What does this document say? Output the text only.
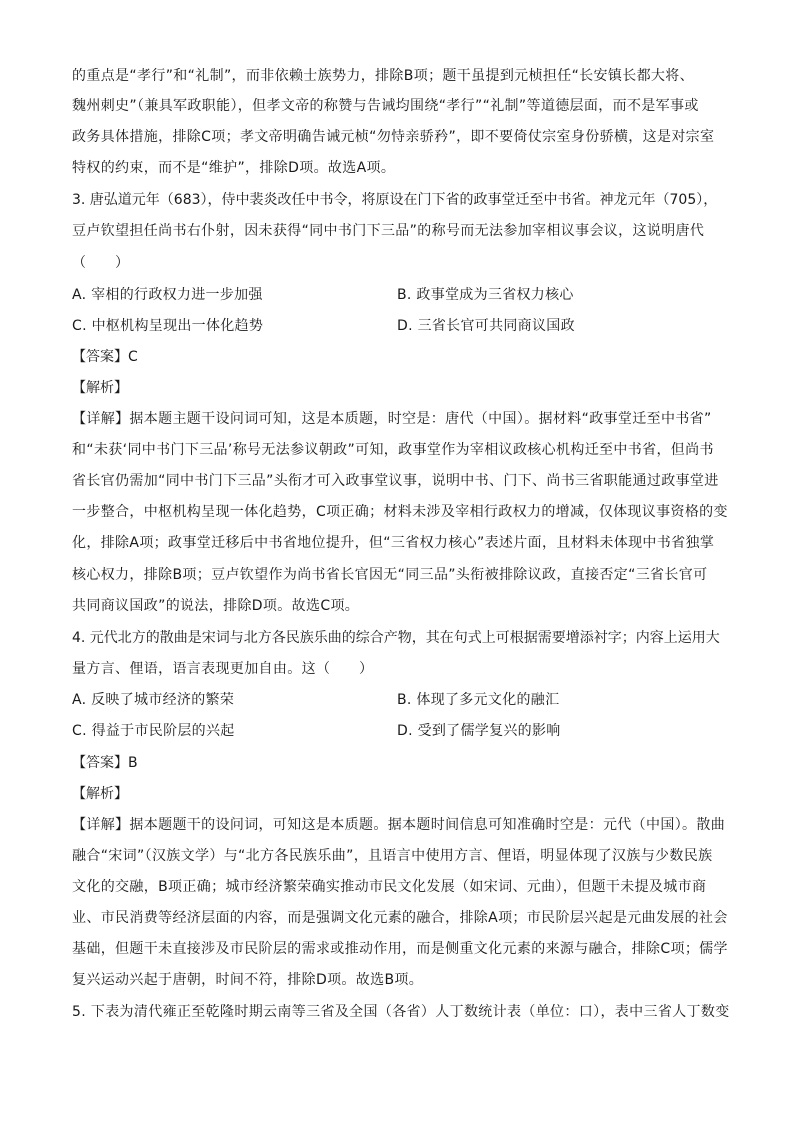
的重点是“孝行”和“礼制”，而非依赖士族势力，排除B项；题干虽提到元桢担任“长安镇长都大将、
魏州刺史”（兼具军政职能），但孝文帝的称赞与告诫均围绕“孝行”“礼制”等道德层面，而不是军事或
政务具体措施，排除C项；孝文帝明确告诫元桢“勿恃亲骄矜”，即不要倚仗宗室身份骄横，这是对宗室
特权的约束，而不是“维护”，排除D项。故选A项。
3. 唐弘道元年（683），侍中裴炎改任中书令，将原设在门下省的政事堂迁至中书省。神龙元年（705），
豆卢钦望担任尚书右仆射，因未获得“同中书门下三品”的称号而无法参加宰相议事会议，这说明唐代
（　　）
A. 宰相的行政权力进一步加强	B. 政事堂成为三省权力核心
C. 中枢机构呈现出一体化趋势	D. 三省长官可共同商议国政
【答案】C
【解析】
【详解】据本题主题干设问词可知，这是本质题，时空是：唐代（中国）。据材料“政事堂迁至中书省”
和“未获‘同中书门下三品’称号无法参议朝政”可知，政事堂作为宰相议政核心机构迁至中书省，但尚书
省长官仍需加“同中书门下三品”头衔才可入政事堂议事，说明中书、门下、尚书三省职能通过政事堂进
一步整合，中枢机构呈现一体化趋势，C项正确；材料未涉及宰相行政权力的增减，仅体现议事资格的变
化，排除A项；政事堂迁移后中书省地位提升，但“三省权力核心”表述片面，且材料未体现中书省独掌
核心权力，排除B项；豆卢钦望作为尚书省长官因无“同三品”头衔被排除议政，直接否定“三省长官可
共同商议国政”的说法，排除D项。故选C项。
4. 元代北方的散曲是宋词与北方各民族乐曲的综合产物，其在句式上可根据需要增添衬字；内容上运用大
量方言、俚语，语言表现更加自由。这（　　）
A. 反映了城市经济的繁荣	B. 体现了多元文化的融汇
C. 得益于市民阶层的兴起	D. 受到了儒学复兴的影响
【答案】B
【解析】
【详解】据本题题干的设问词，可知这是本质题。据本题时间信息可知准确时空是：元代（中国）。散曲
融合“宋词”（汉族文学）与“北方各民族乐曲”，且语言中使用方言、俚语，明显体现了汉族与少数民族
文化的交融，B项正确；城市经济繁荣确实推动市民文化发展（如宋词、元曲），但题干未提及城市商
业、市民消费等经济层面的内容，而是强调文化元素的融合，排除A项；市民阶层兴起是元曲发展的社会
基础，但题干未直接涉及市民阶层的需求或推动作用，而是侧重文化元素的来源与融合，排除C项；儒学
复兴运动兴起于唐朝，时间不符，排除D项。故选B项。
5. 下表为清代雍正至乾隆时期云南等三省及全国（各省）人丁数统计表（单位：口），表中三省人丁数变
